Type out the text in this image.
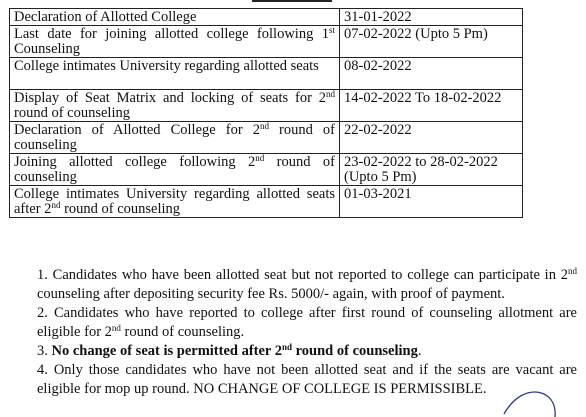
Declaration of Allotted College	31-01-2022
Last date for joining allotted college following 1st Counseling	07-02-2022 (Upto 5 Pm)
College intimates University regarding allotted seats	08-02-2022
Display of Seat Matrix and locking of seats for 2nd round of counseling	14-02-2022 To 18-02-2022
Declaration of Allotted College for 2nd round of counseling	22-02-2022
Joining allotted college following 2nd round of counseling	23-02-2022 to 28-02-2022 (Upto 5 Pm)
College intimates University regarding allotted seats after 2nd round of counseling	01-03-2021

1. Candidates who have been allotted seat but not reported to college can participate in 2nd counseling after depositing security fee Rs. 5000/- again, with proof of payment.

2. Candidates who have reported to college after first round of counseling allotment are eligible for 2nd round of counseling.

3. No change of seat is permitted after 2nd round of counseling.

4. Only those candidates who have not been allotted seat and if the seats are vacant are eligible for mop up round. NO CHANGE OF COLLEGE IS PERMISSIBLE.
